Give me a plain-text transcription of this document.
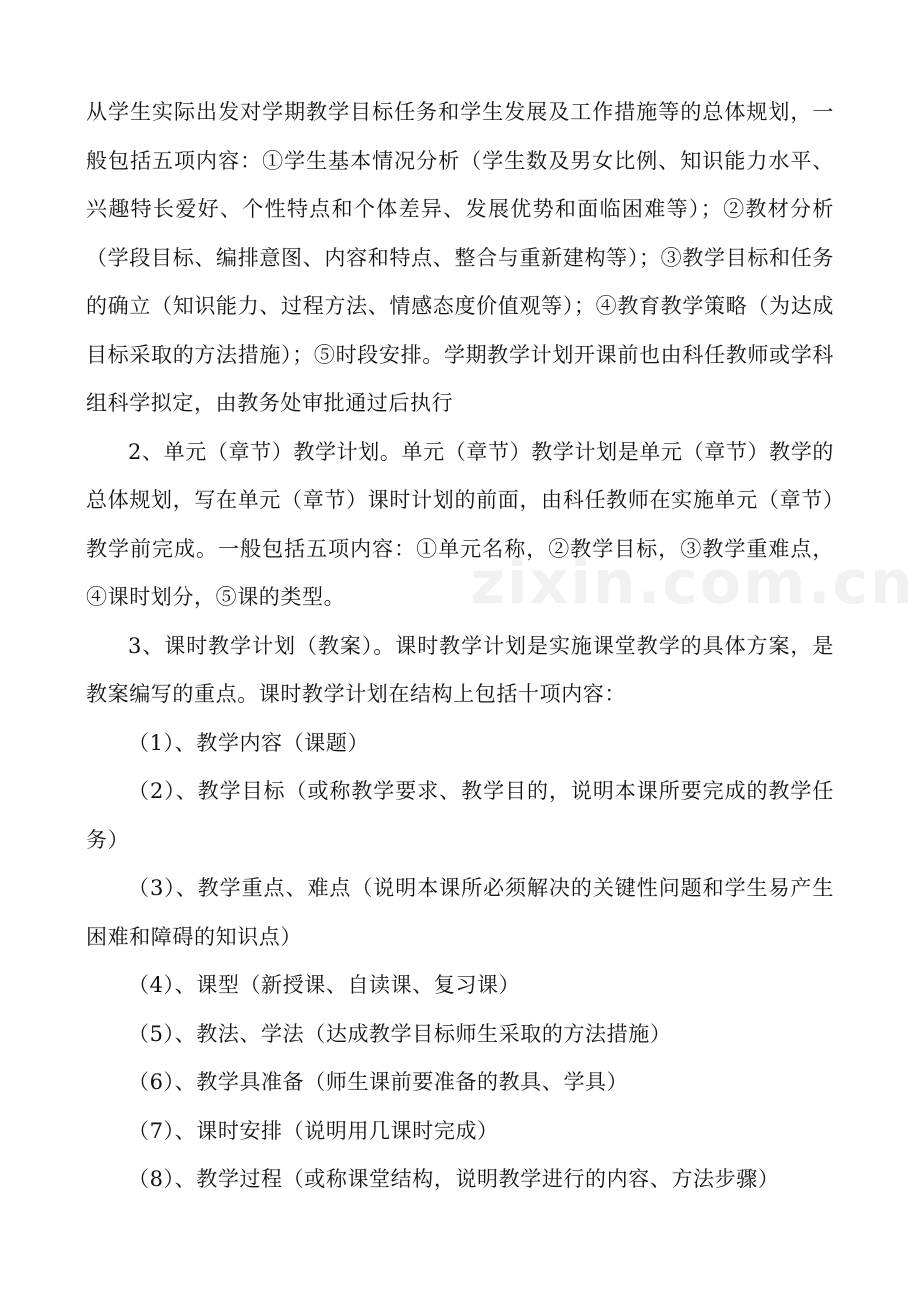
从学生实际出发对学期教学目标任务和学生发展及工作措施等的总体规划，一般包括五项内容：①学生基本情况分析（学生数及男女比例、知识能力水平、兴趣特长爱好、个性特点和个体差异、发展优势和面临困难等）；②教材分析（学段目标、编排意图、内容和特点、整合与重新建构等）；③教学目标和任务的确立（知识能力、过程方法、情感态度价值观等）；④教育教学策略（为达成目标采取的方法措施）；⑤时段安排。学期教学计划开课前也由科任教师或学科组科学拟定，由教务处审批通过后执行

2、单元（章节）教学计划。单元（章节）教学计划是单元（章节）教学的总体规划，写在单元（章节）课时计划的前面，由科任教师在实施单元（章节）教学前完成。一般包括五项内容：①单元名称，②教学目标，③教学重难点，④课时划分，⑤课的类型。

3、课时教学计划（教案）。课时教学计划是实施课堂教学的具体方案，是教案编写的重点。课时教学计划在结构上包括十项内容：

（1）、教学内容（课题）

（2）、教学目标（或称教学要求、教学目的，说明本课所要完成的教学任务）

（3）、教学重点、难点（说明本课所必须解决的关键性问题和学生易产生困难和障碍的知识点）

（4）、课型（新授课、自读课、复习课）

（5）、教法、学法（达成教学目标师生采取的方法措施）

（6）、教学具准备（师生课前要准备的教具、学具）

（7）、课时安排（说明用几课时完成）

（8）、教学过程（或称课堂结构，说明教学进行的内容、方法步骤）

zixin.com.cn
